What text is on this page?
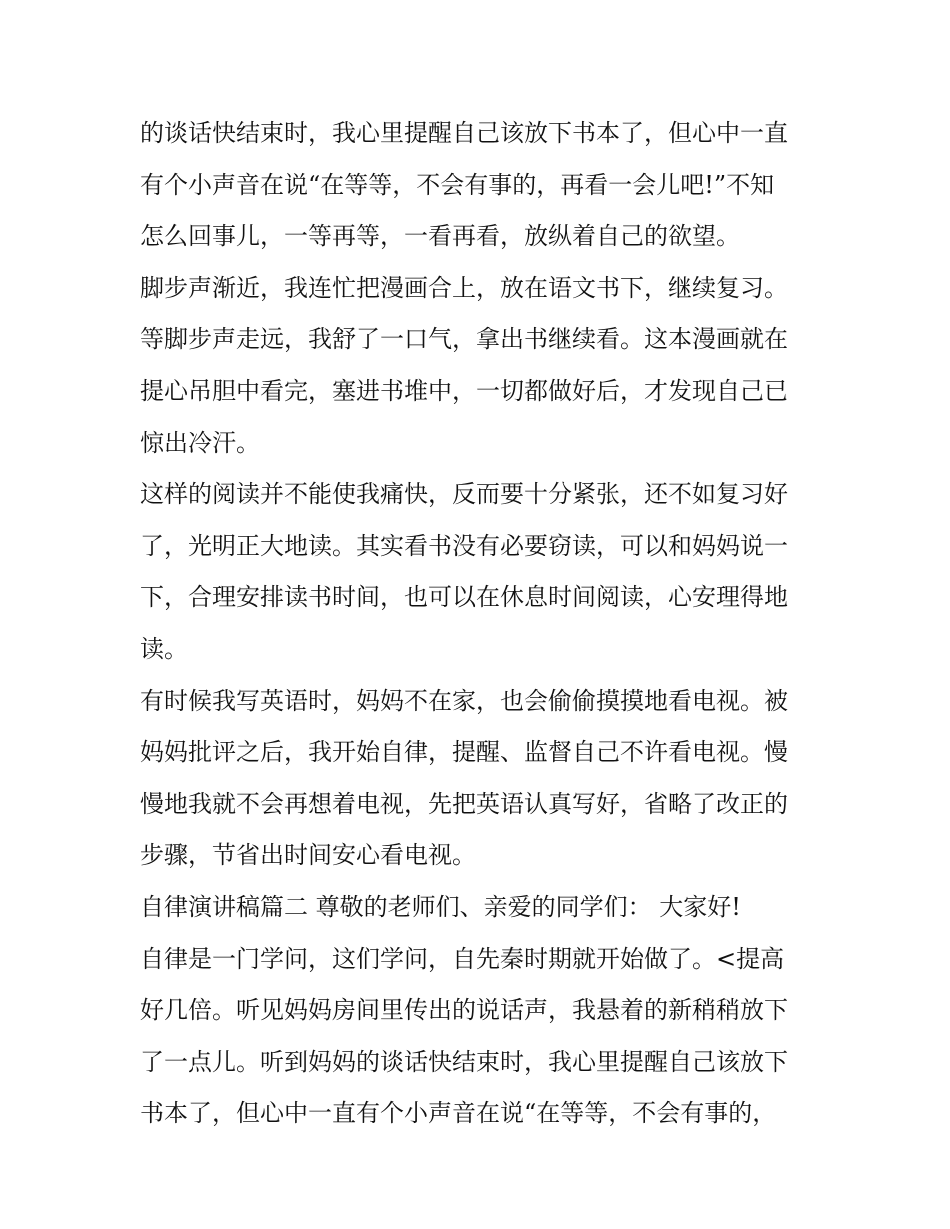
的谈话快结束时，我心里提醒自己该放下书本了，但心中一直
有个小声音在说“在等等，不会有事的，再看一会儿吧!”不知
怎么回事儿，一等再等，一看再看，放纵着自己的欲望。
脚步声渐近，我连忙把漫画合上，放在语文书下，继续复习。
等脚步声走远，我舒了一口气，拿出书继续看。这本漫画就在
提心吊胆中看完，塞进书堆中，一切都做好后，才发现自己已
惊出冷汗。
这样的阅读并不能使我痛快，反而要十分紧张，还不如复习好
了，光明正大地读。其实看书没有必要窃读，可以和妈妈说一
下，合理安排读书时间，也可以在休息时间阅读，心安理得地
读。
有时候我写英语时，妈妈不在家，也会偷偷摸摸地看电视。被
妈妈批评之后，我开始自律，提醒、监督自己不许看电视。慢
慢地我就不会再想着电视，先把英语认真写好，省略了改正的
步骤，节省出时间安心看电视。
自律演讲稿篇二 尊敬的老师们、亲爱的同学们： 大家好!
自律是一门学问，这们学问，自先秦时期就开始做了。<提高
好几倍。听见妈妈房间里传出的说话声，我悬着的新稍稍放下
了一点儿。听到妈妈的谈话快结束时，我心里提醒自己该放下
书本了，但心中一直有个小声音在说“在等等，不会有事的，
